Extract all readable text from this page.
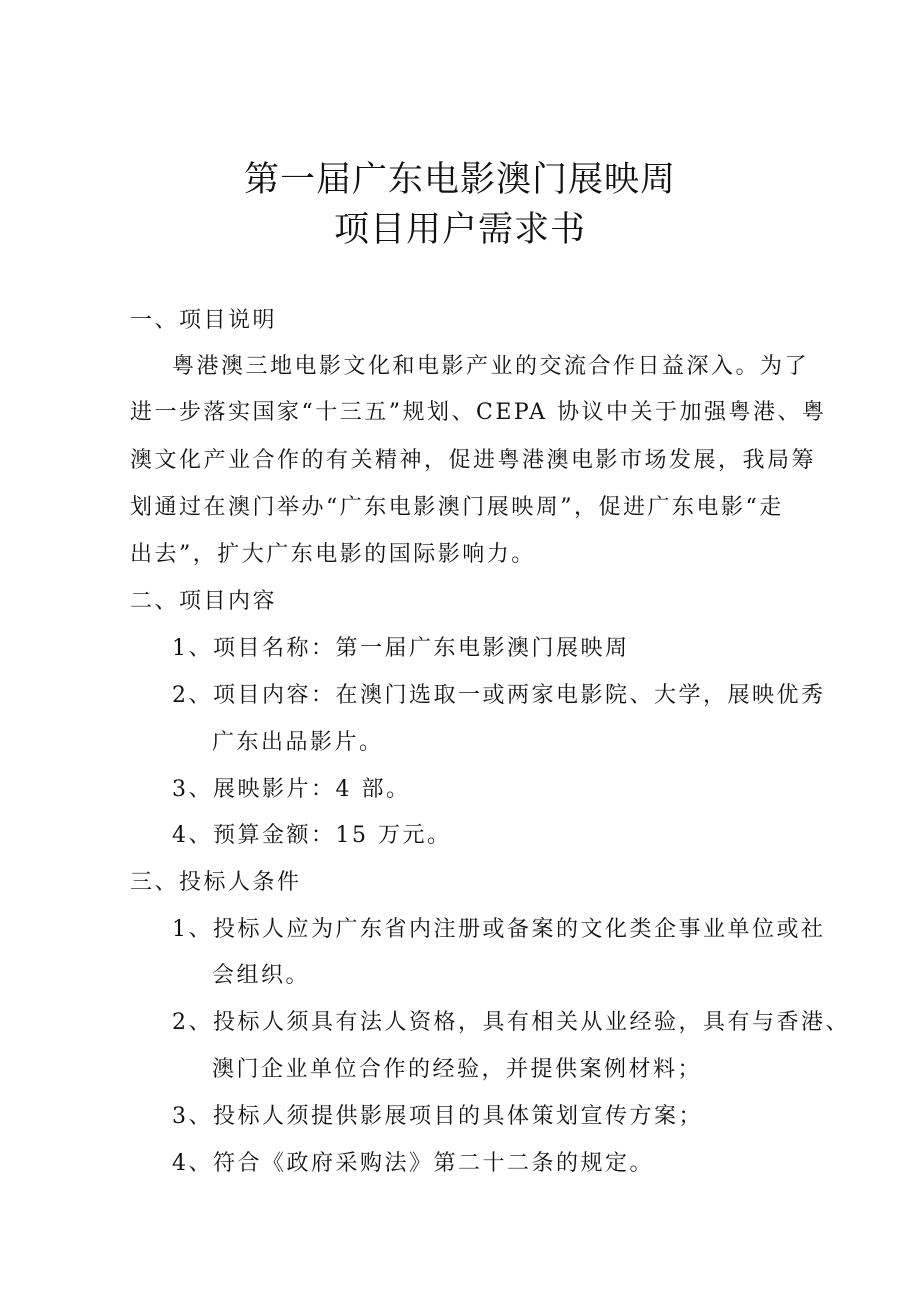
第一届广东电影澳门展映周
项目用户需求书
一、项目说明
粤港澳三地电影文化和电影产业的交流合作日益深入。为了
进一步落实国家“十三五”规划、CEPA 协议中关于加强粤港、粤
澳文化产业合作的有关精神，促进粤港澳电影市场发展，我局筹
划通过在澳门举办“广东电影澳门展映周”，促进广东电影“走
出去”，扩大广东电影的国际影响力。
二、项目内容
1、项目名称：第一届广东电影澳门展映周
2、项目内容：在澳门选取一或两家电影院、大学，展映优秀
广东出品影片。
3、展映影片：4 部。
4、预算金额：15 万元。
三、投标人条件
1、投标人应为广东省内注册或备案的文化类企事业单位或社
会组织。
2、投标人须具有法人资格，具有相关从业经验，具有与香港、
澳门企业单位合作的经验，并提供案例材料；
3、投标人须提供影展项目的具体策划宣传方案；
4、符合《政府采购法》第二十二条的规定。
